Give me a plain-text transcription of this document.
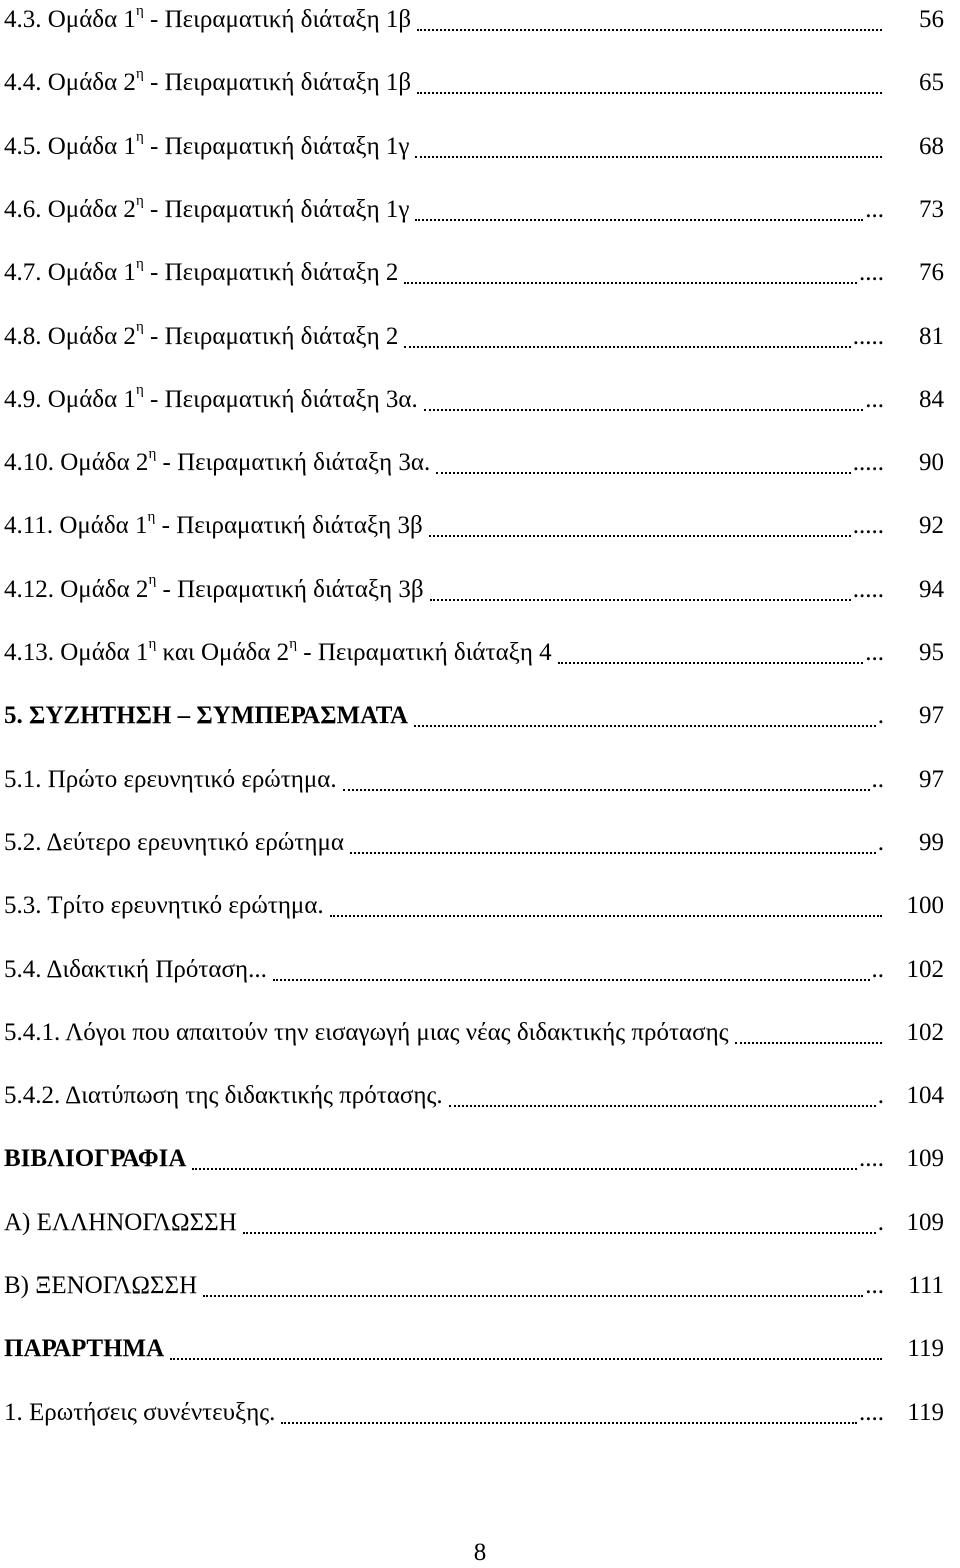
4.3. Ομάδα $1^\eta$ - Πειραματική διάταξη 1β	56
4.4. Ομάδα $2^\eta$ - Πειραματική διάταξη 1β	65
4.5. Ομάδα $1^\eta$ - Πειραματική διάταξη 1γ	68
4.6. Ομάδα $2^\eta$ - Πειραματική διάταξη 1γ	73
...
4.7. Ομάδα $1^\eta$ - Πειραματική διάταξη 2	76
....
4.8. Ομάδα $2^\eta$ - Πειραματική διάταξη 2	81
.....
4.9. Ομάδα $1^\eta$ - Πειραματική διάταξη 3α.	84
...
4.10. Ομάδα $2^\eta$ - Πειραματική διάταξη 3α.	90
.....
4.11. Ομάδα $1^\eta$ - Πειραματική διάταξη 3β	92
.....
4.12. Ομάδα $2^\eta$ - Πειραματική διάταξη 3β	94
.....
4.13. Ομάδα $1^\eta$ και Ομάδα $2^\eta$ - Πειραματική διάταξη 4	95
...
5. ΣΥΖΗΤΗΣΗ – ΣΥΜΠΕΡΑΣΜΑΤΑ	97
.
5.1. Πρώτο ερευνητικό ερώτημα.	97
..
5.2. Δεύτερο ερευνητικό ερώτημα	99
.
5.3. Τρίτο ερευνητικό ερώτημα.	100
5.4. Διδακτική Πρόταση...	102
..
5.4.1. Λόγοι που απαιτούν την εισαγωγή μιας νέας διδακτικής πρότασης	102
5.4.2. Διατύπωση της διδακτικής πρότασης.	104
.
ΒΙΒΛΙΟΓΡΑΦΙΑ	109
....
Α) ΕΛΛΗΝΟΓΛΩΣΣΗ	109
.
Β) ΞΕΝΟΓΛΩΣΣΗ	111
...
ΠΑΡΑΡΤΗΜΑ	119
1. Ερωτήσεις συνέντευξης.	119
....
8
